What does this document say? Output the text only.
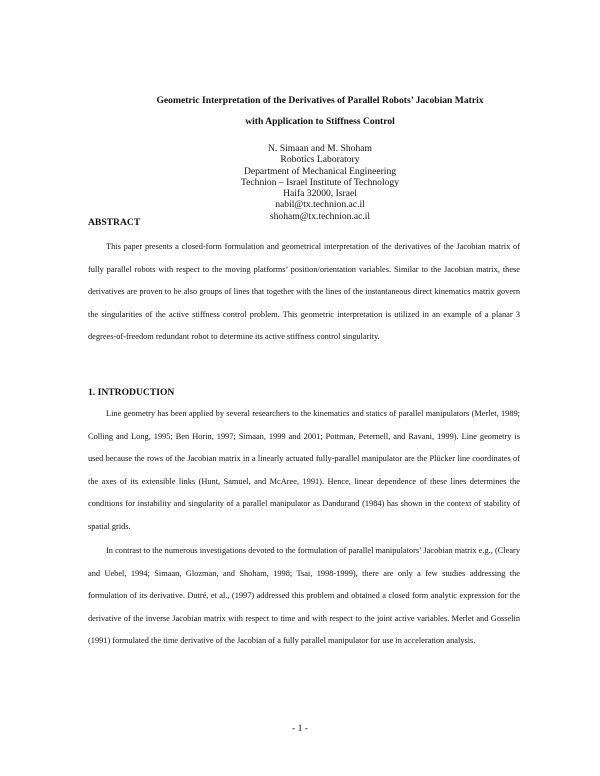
Geometric Interpretation of the Derivatives of Parallel Robots’ Jacobian Matrix
with Application to Stiffness Control
N. Simaan and M. Shoham
Robotics Laboratory
Department of Mechanical Engineering
Technion – Israel Institute of Technology
Haifa 32000, Israel
nabil@tx.technion.ac.il
shoham@tx.technion.ac.il
ABSTRACT
This paper presents a closed-form formulation and geometrical interpretation of the derivatives of the Jacobian matrix of fully parallel robots with respect to the moving platforms’ position/orientation variables. Similar to the Jacobian matrix, these derivatives are proven to be also groups of lines that together with the lines of the instantaneous direct kinematics matrix govern the singularities of the active stiffness control problem. This geometric interpretation is utilized in an example of a planar 3 degrees-of-freedom redundant robot to determine its active stiffness control singularity.
1. INTRODUCTION
Line geometry has been applied by several researchers to the kinematics and statics of parallel manipulators (Merlet, 1989; Colling and Long, 1995; Ben Horin, 1997; Simaan, 1999 and 2001; Pottman, Peternell, and Ravani, 1999). Line geometry is used because the rows of the Jacobian matrix in a linearly actuated fully-parallel manipulator are the Plücker line coordinates of the axes of its extensible links (Hunt, Samuel, and McAree, 1991). Hence, linear dependence of these lines determines the conditions for instability and singularity of a parallel manipulator as Dandurand (1984) has shown in the context of stability of spatial grids.
In contrast to the numerous investigations devoted to the formulation of parallel manipulators’ Jacobian matrix e.g., (Cleary and Uebel, 1994; Simaan, Glozman, and Shoham, 1998; Tsai, 1998-1999), there are only a few studies addressing the formulation of its derivative. Dutré, et al., (1997) addressed this problem and obtained a closed form analytic expression for the derivative of the inverse Jacobian matrix with respect to time and with respect to the joint active variables. Merlet and Gosselin (1991) formulated the time derivative of the Jacobian of a fully parallel manipulator for use in acceleration analysis.
- 1 -
